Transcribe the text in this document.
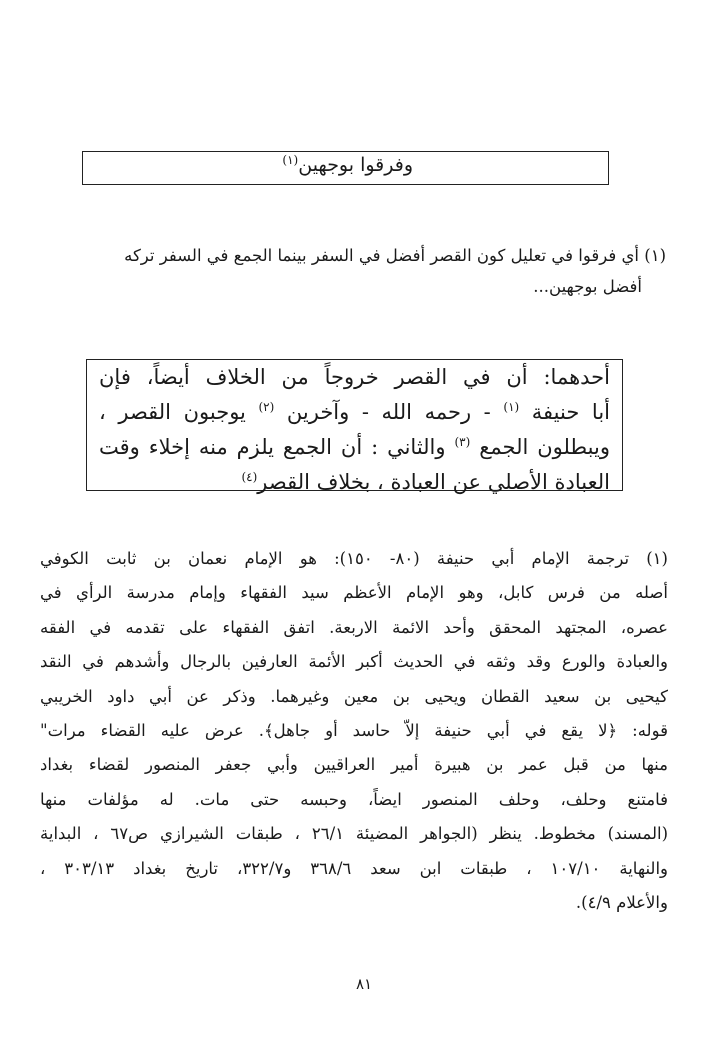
وفرقوا بوجهين$^{(١)}$
(١) أي فرقوا في تعليل كون القصر أفضل في السفر بينما الجمع في السفر تركه
أفضل بوجهين...
أحدهما: أن في القصر خروجاً من الخلاف أيضاً، فإن
أبا حنيفة $^{(١)}$ - رحمه الله - وآخرين $^{(٢)}$ يوجبون القصر ،
ويبطلون الجمع $^{(٣)}$ والثاني : أن الجمع يلزم منه إخلاء وقت
العبادة الأصلي عن العبادة ، بخلاف القصر$^{(٤)}$
(١) ترجمة الإمام أبي حنيفة (٨٠- ١٥٠): هو الإمام نعمان بن ثابت الكوفي
أصله من فرس كابل، وهو الإمام الأعظم سيد الفقهاء وإمام مدرسة الرأي في
عصره، المجتهد المحقق وأحد الائمة الاربعة. اتفق الفقهاء على تقدمه في الفقه
والعبادة والورع وقد وثقه في الحديث أكبر الأئمة العارفين بالرجال وأشدهم في النقد
كيحيى بن سعيد القطان ويحيى بن معين وغيرهما. وذكر عن أبي داود الخريبي
قوله: ﴿لا يقع في أبي حنيفة إلاّ حاسد أو جاهل﴾. عرض عليه القضاء مرات"
منها من قبل عمر بن هبيرة أمير العراقيين وأبي جعفر المنصور لقضاء بغداد
فامتنع وحلف، وحلف المنصور ايضاً، وحبسه حتى مات. له مؤلفات منها
(المسند) مخطوط. ينظر (الجواهر المضيئة ٢٦/١ ، طبقات الشيرازي ص٦٧ ، البداية
والنهاية ١٠٧/١٠ ، طبقات ابن سعد ٣٦٨/٦ و٣٢٢/٧، تاريخ بغداد ٣٠٣/١٣ ،
والأعلام ٤/٩).
٨١
